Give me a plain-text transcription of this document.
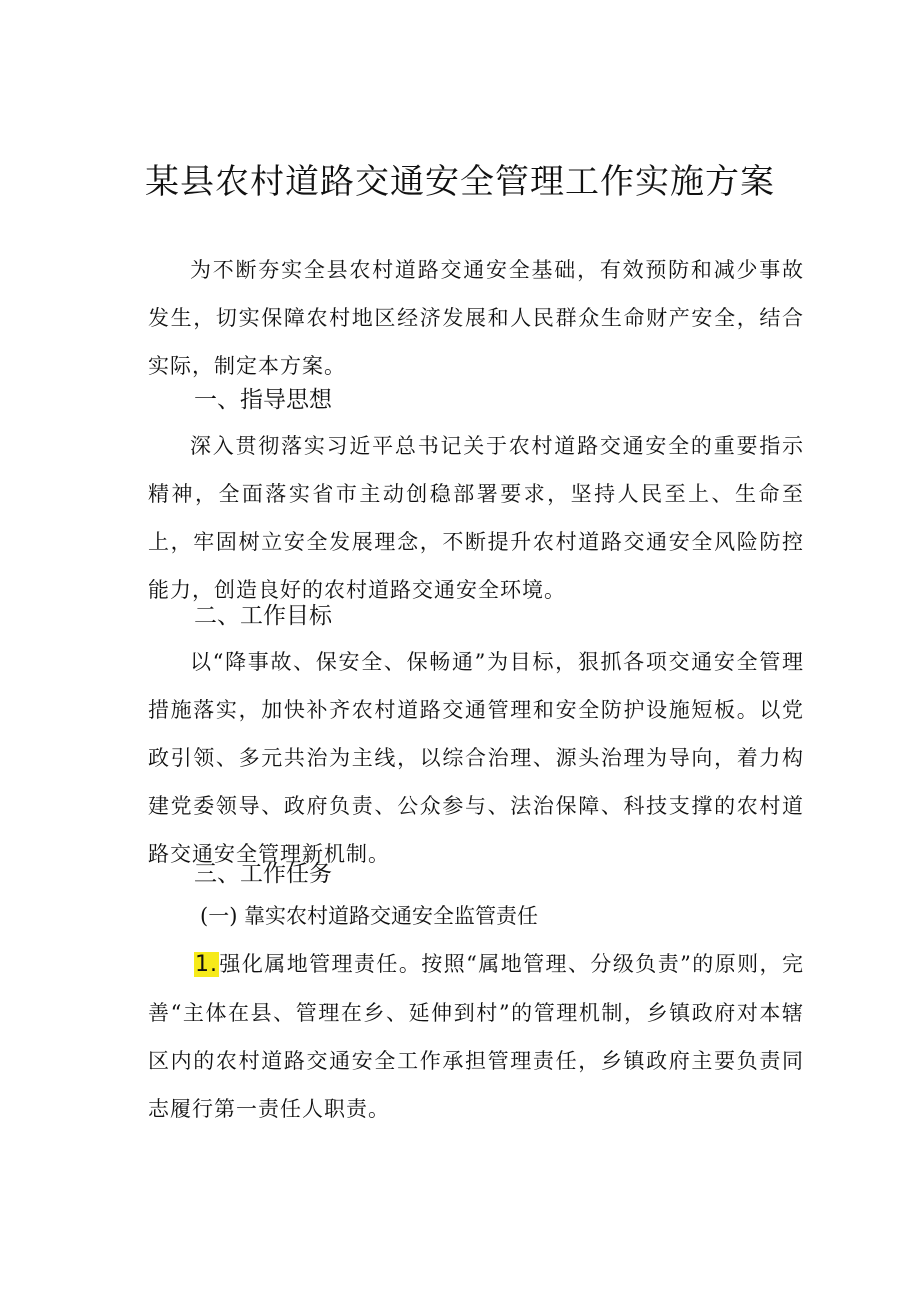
某县农村道路交通安全管理工作实施方案

为不断夯实全县农村道路交通安全基础，有效预防和减少事故发生，切实保障农村地区经济发展和人民群众生命财产安全，结合实际，制定本方案。

一、指导思想

深入贯彻落实习近平总书记关于农村道路交通安全的重要指示精神，全面落实省市主动创稳部署要求，坚持人民至上、生命至上，牢固树立安全发展理念，不断提升农村道路交通安全风险防控能力，创造良好的农村道路交通安全环境。

二、工作目标

以“降事故、保安全、保畅通”为目标，狠抓各项交通安全管理措施落实，加快补齐农村道路交通管理和安全防护设施短板。以党政引领、多元共治为主线，以综合治理、源头治理为导向，着力构建党委领导、政府负责、公众参与、法治保障、科技支撑的农村道路交通安全管理新机制。

三、工作任务
(一) 靠实农村道路交通安全监管责任

1.强化属地管理责任。按照“属地管理、分级负责”的原则，完善“主体在县、管理在乡、延伸到村”的管理机制，乡镇政府对本辖区内的农村道路交通安全工作承担管理责任，乡镇政府主要负责同志履行第一责任人职责。
